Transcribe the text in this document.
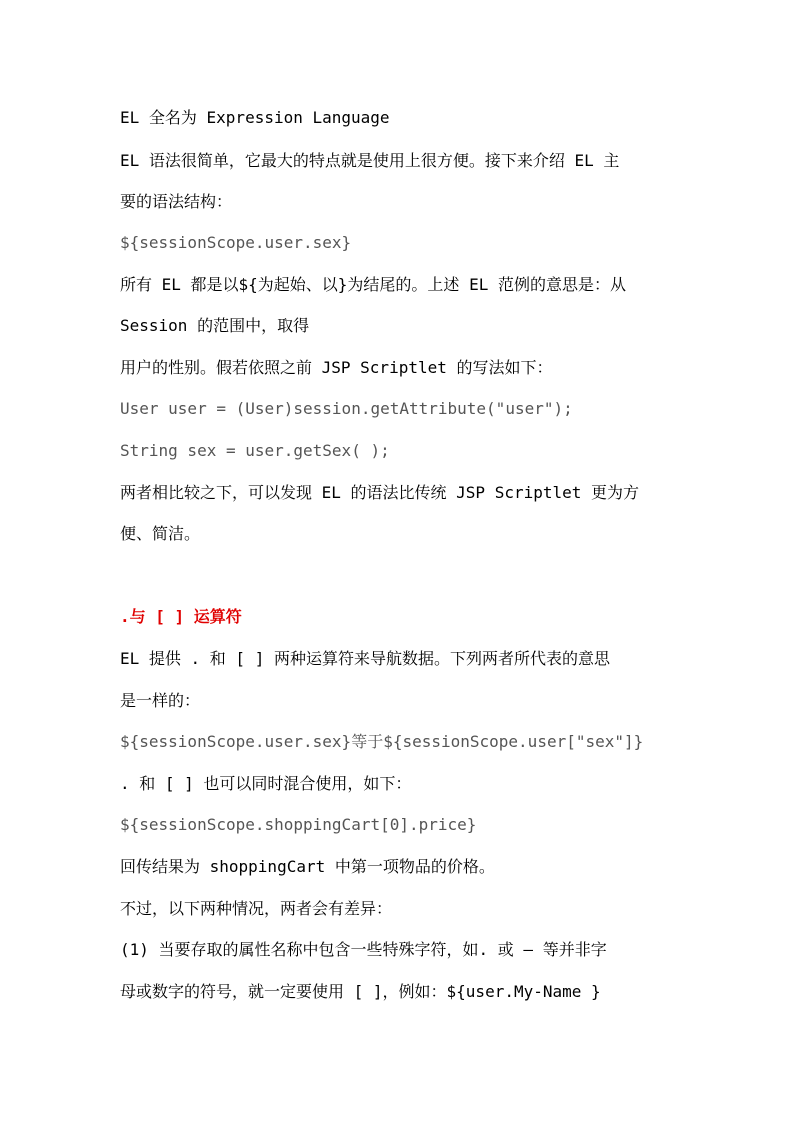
EL 全名为 Expression Language
EL 语法很简单，它最大的特点就是使用上很方便。接下来介绍 EL 主
要的语法结构：
${sessionScope.user.sex}
所有 EL 都是以${为起始、以}为结尾的。上述 EL 范例的意思是：从
Session 的范围中，取得
用户的性别。假若依照之前 JSP Scriptlet 的写法如下：
User user = (User)session.getAttribute("user");
String sex = user.getSex( );
两者相比较之下，可以发现 EL 的语法比传统 JSP Scriptlet 更为方
便、简洁。
.与 [ ] 运算符
EL 提供 . 和 [ ] 两种运算符来导航数据。下列两者所代表的意思
是一样的：
${sessionScope.user.sex}等于${sessionScope.user["sex"]}
. 和 [ ] 也可以同时混合使用，如下：
${sessionScope.shoppingCart[0].price}
回传结果为 shoppingCart 中第一项物品的价格。
不过，以下两种情况，两者会有差异：
(1) 当要存取的属性名称中包含一些特殊字符，如. 或 – 等并非字
母或数字的符号，就一定要使用 [ ]，例如：${user.My-Name }
